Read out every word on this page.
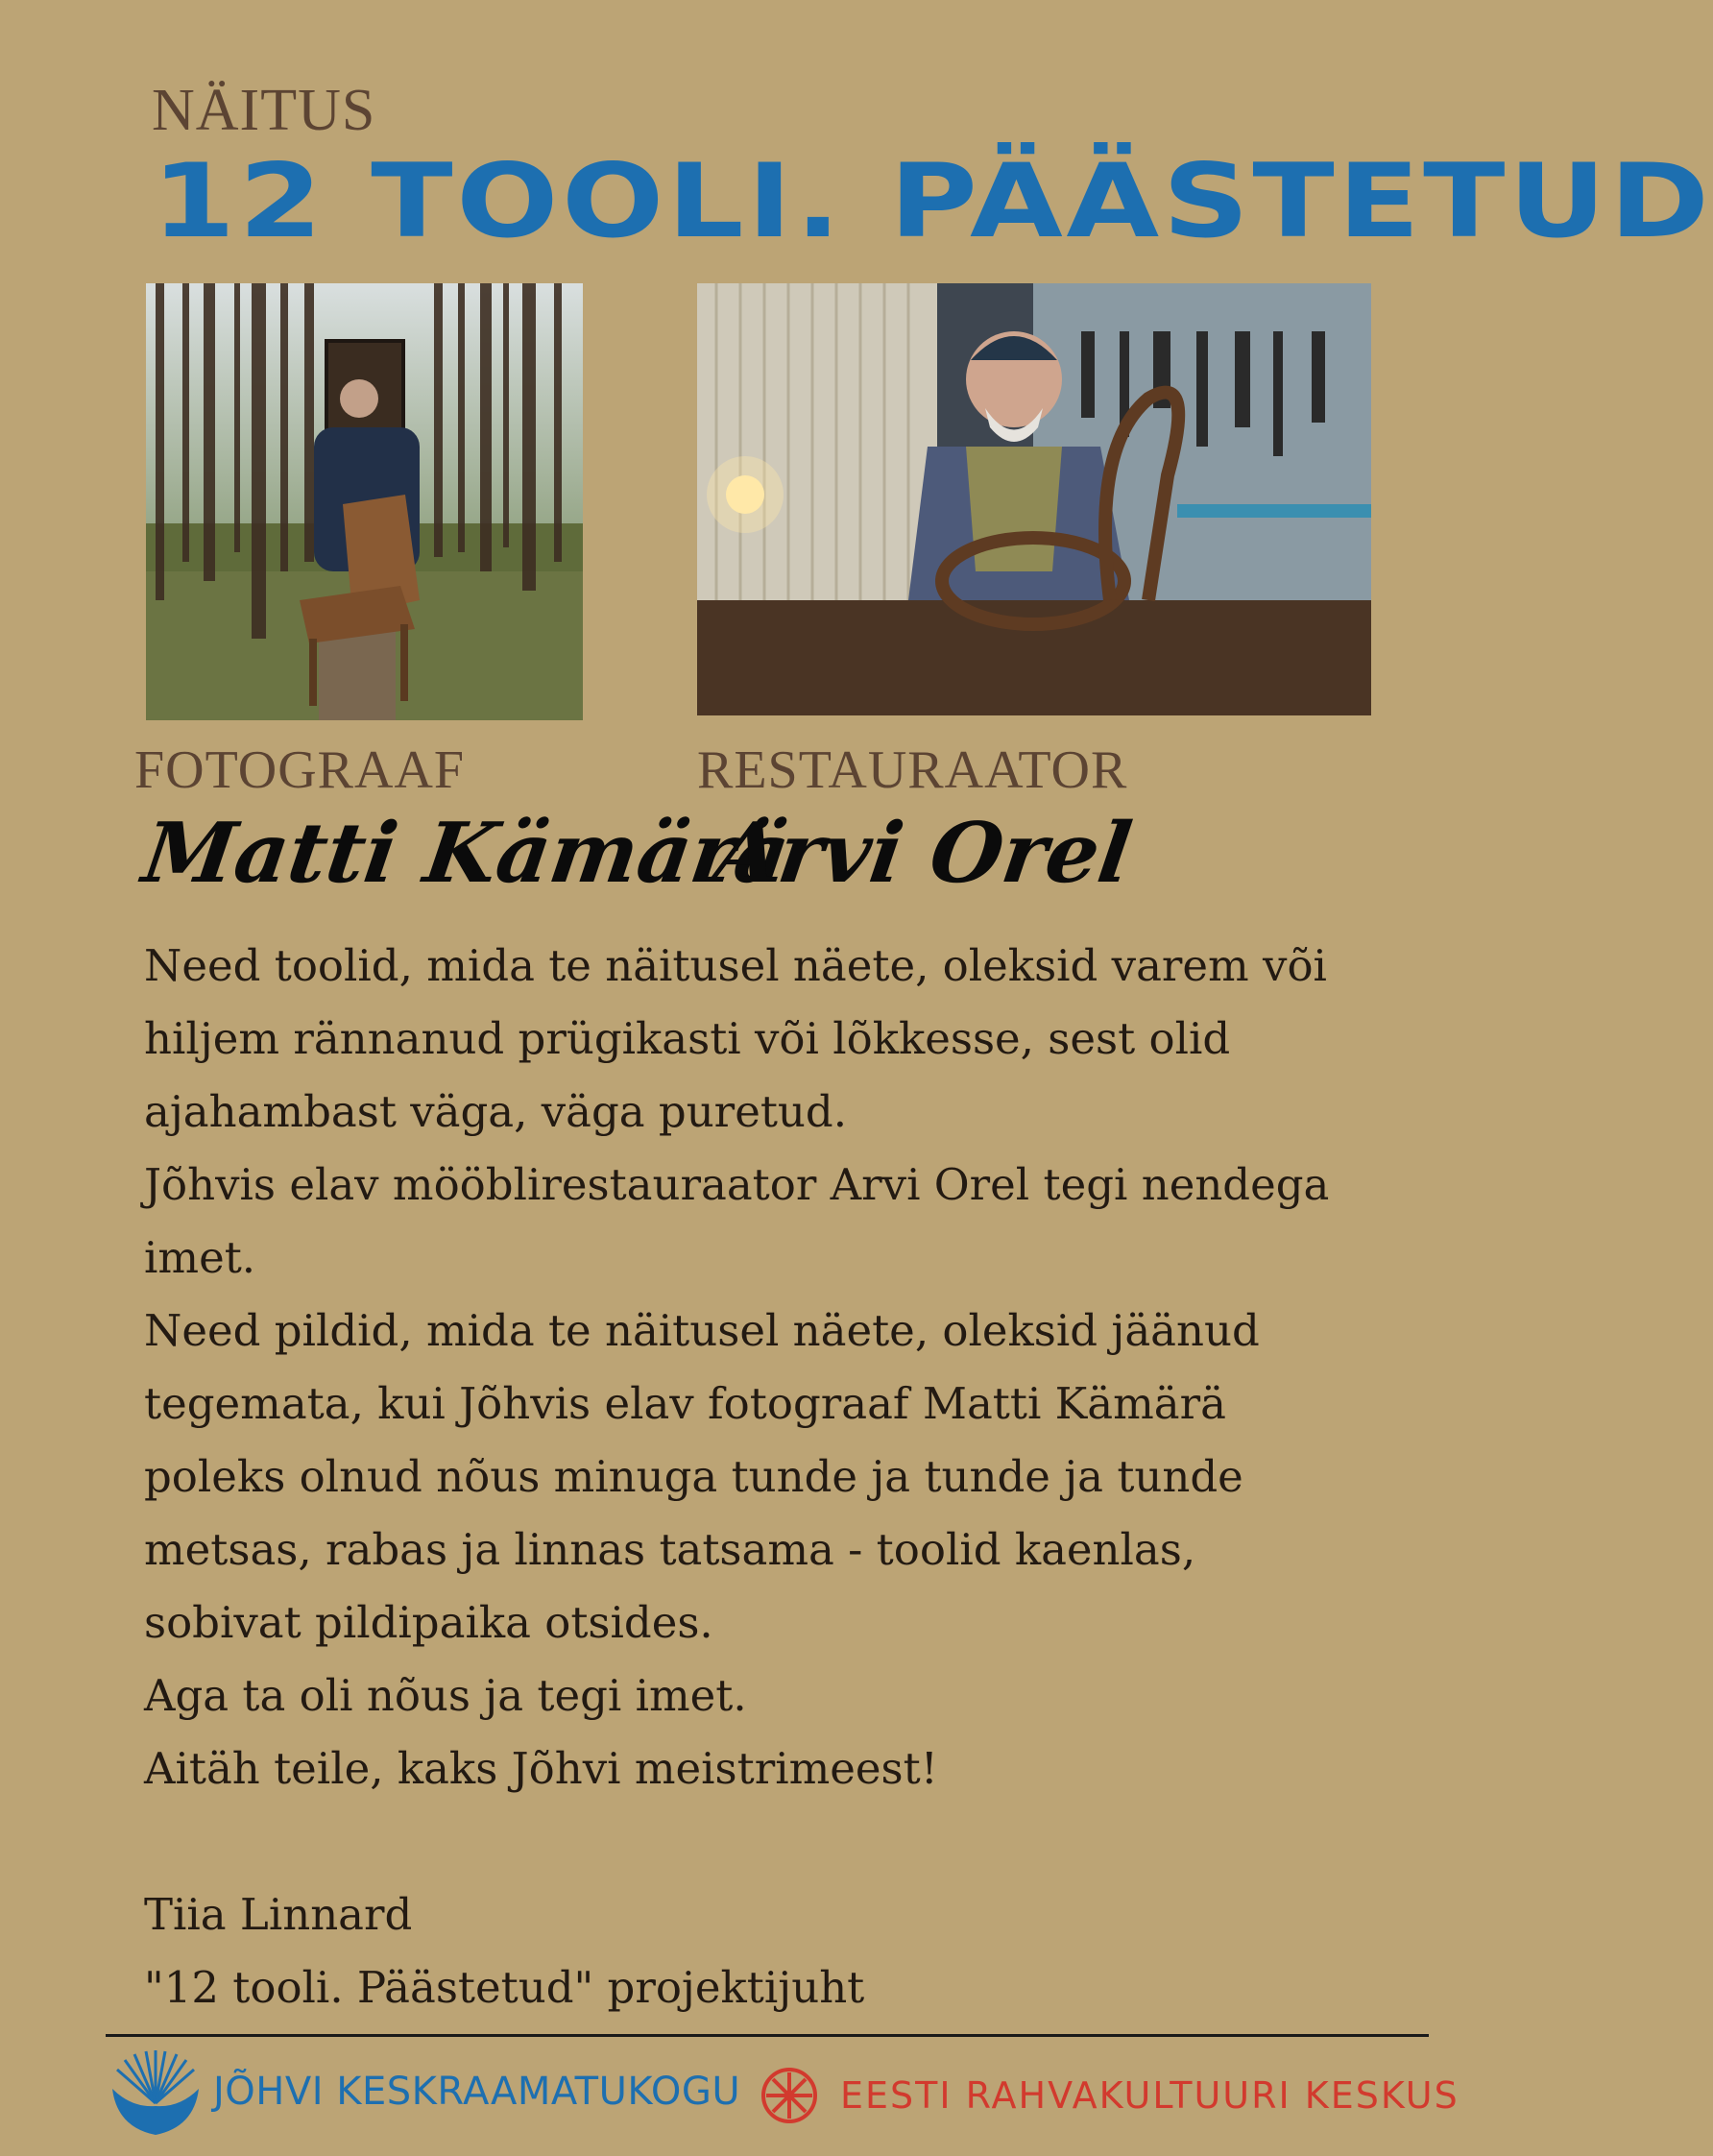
NÄITUS
12 TOOLI. PÄÄSTETUD
FOTOGRAAF	RESTAURAATOR
Matti Kämärä
Arvi Orel

Need toolid, mida te näitusel näete, oleksid varem või
hiljem rännanud prügikasti või lõkkesse, sest olid
ajahambast väga, väga puretud.
Jõhvis elav mööblirestauraator Arvi Orel tegi nendega
imet.
Need pildid, mida te näitusel näete, oleksid jäänud
tegemata, kui Jõhvis elav fotograaf Matti Kämärä
poleks olnud nõus minuga tunde ja tunde ja tunde
metsas, rabas ja linnas tatsama - toolid kaenlas,
sobivat pildipaika otsides.
Aga ta oli nõus ja tegi imet.
Aitäh teile, kaks Jõhvi meistrimeest!
Tiia Linnard
"12 tooli. Päästetud" projektijuht

JÕHVI KESKRAAMATUKOGU	EESTI RAHVAKULTUURI KESKUS
